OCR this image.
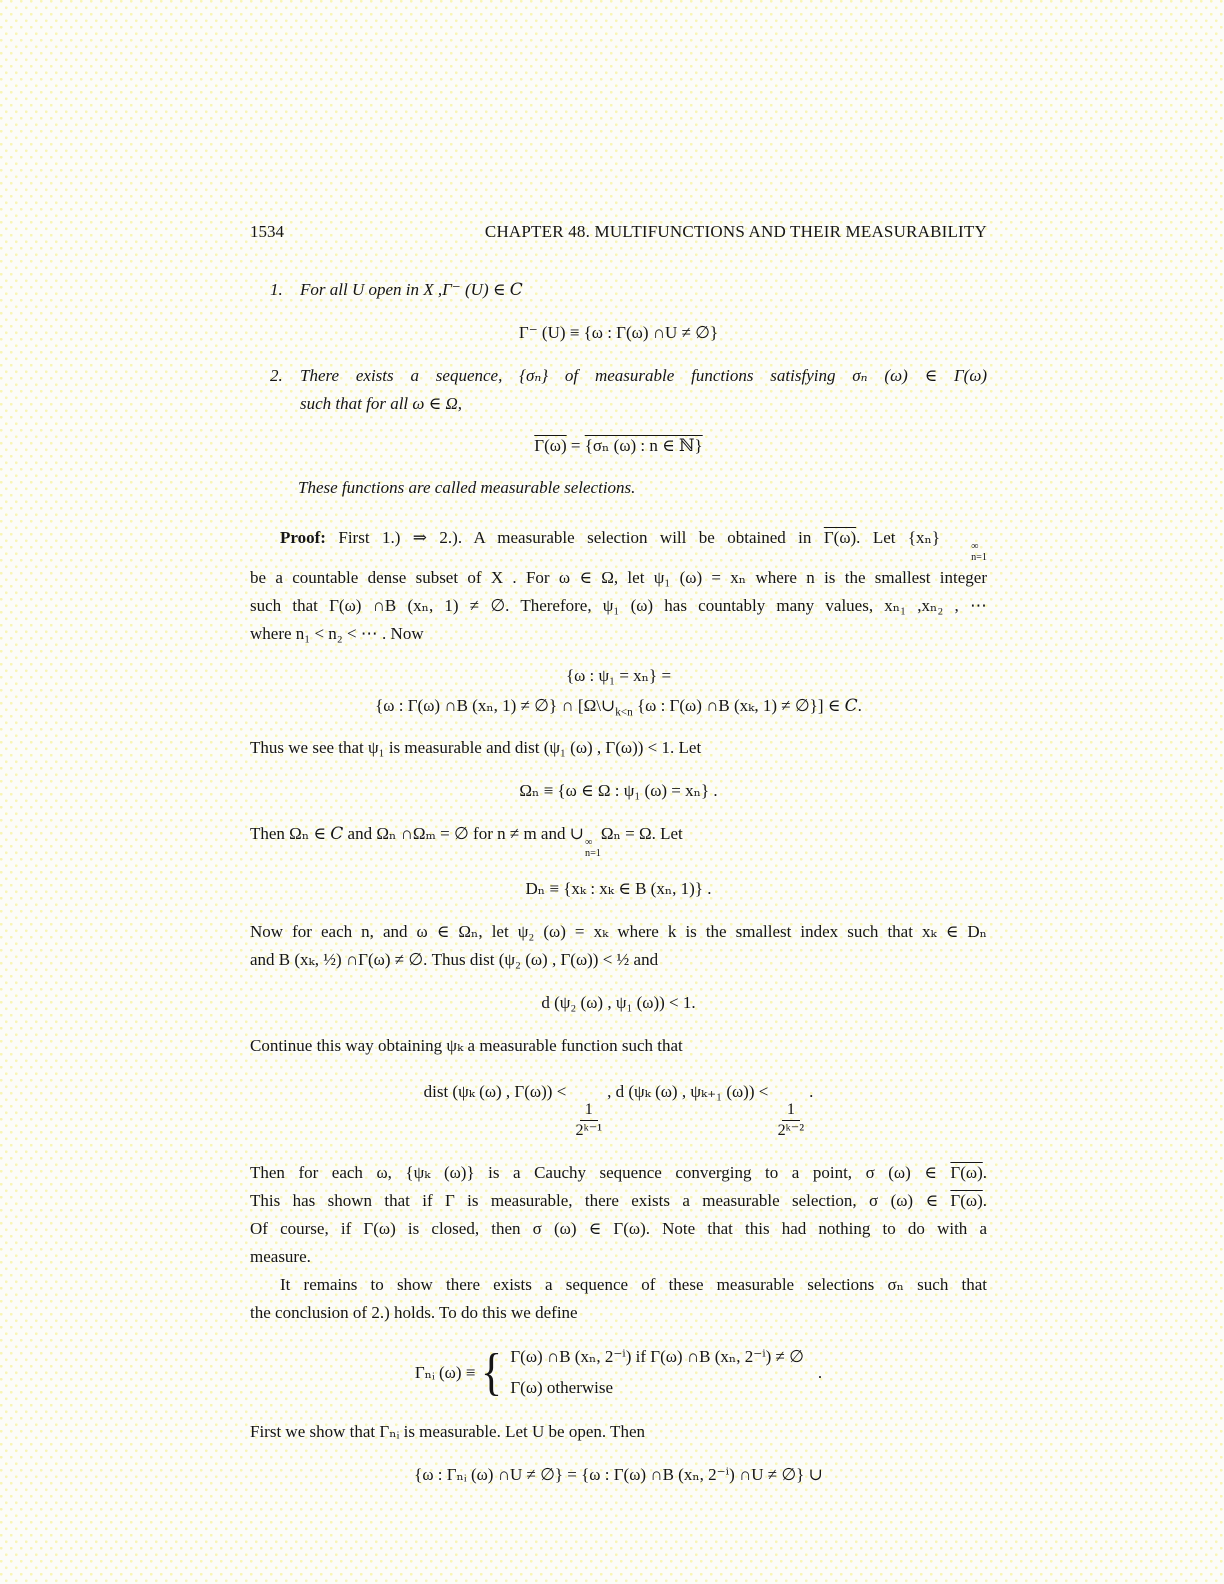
1534	CHAPTER 48. MULTIFUNCTIONS AND THEIR MEASURABILITY
1.	For all U open in X ,Γ⁻ (U) ∈ C
Γ⁻ (U) ≡ {ω : Γ(ω) ∩U ≠ ∅}
2.	There exists a sequence, {σₙ} of measurable functions satisfying σₙ (ω) ∈ Γ(ω)
such that for all ω ∈ Ω,
Γ(ω) = {σₙ (ω) : n ∈ ℕ}
These functions are called measurable selections.
Proof: First 1.) ⇒ 2.). A measurable selection will be obtained in Γ(ω). Let {xₙ}	∞
n=1
be a countable dense subset of X . For ω ∈ Ω, let ψ₁ (ω) = xₙ where n is the smallest integer
such that Γ(ω) ∩B (xₙ, 1) ≠ ∅. Therefore, ψ₁ (ω) has countably many values, xₙ₁ ,xₙ₂ , ⋯
where n₁ < n₂ < ⋯ . Now
{ω : ψ₁ = xₙ} =
{ω : Γ(ω) ∩B (xₙ, 1) ≠ ∅} ∩ [$\Omega\backslash\cup_{k<n}$ {ω : Γ(ω) ∩B (xₖ, 1) ≠ ∅}] ∈ C.
Thus we see that ψ₁ is measurable and dist (ψ₁ (ω) , Γ(ω)) < 1. Let
Ωₙ ≡ {ω ∈ Ω : ψ₁ (ω) = xₙ} .
Then Ωₙ ∈ C and Ωₙ ∩Ωₘ = ∅ for n ≠ m and ∪ ∞
n=1
Ωₙ = Ω. Let
Dₙ ≡ {xₖ : xₖ ∈ B (xₙ, 1)} .
Now for each n, and ω ∈ Ωₙ, let ψ₂ (ω) = xₖ where k is the smallest index such that xₖ ∈ Dₙ
and B (xₖ, ½) ∩Γ(ω) ≠ ∅. Thus dist (ψ₂ (ω) , Γ(ω)) < ½ and
d (ψ₂ (ω) , ψ₁ (ω)) < 1.
Continue this way obtaining ψₖ a measurable function such that
dist (ψₖ (ω) , Γ(ω)) <
$\frac{1}{\text{2ᵏ⁻¹}}$
, d (ψₖ (ω) , ψₖ₊₁ (ω)) <
$\frac{1}{\text{2ᵏ⁻²}}$
.
Then for each ω, {ψₖ (ω)} is a Cauchy sequence converging to a point, σ (ω) ∈ Γ(ω).
This has shown that if Γ is measurable, there exists a measurable selection, σ (ω) ∈ Γ(ω).
Of course, if Γ(ω) is closed, then σ (ω) ∈ Γ(ω). Note that this had nothing to do with a
measure.
It remains to show there exists a sequence of these measurable selections σₙ such that
the conclusion of 2.) holds. To do this we define
Γₙᵢ (ω) ≡ { Γ(ω) ∩B (xₙ, 2⁻ⁱ) if Γ(ω) ∩B (xₙ, 2⁻ⁱ) ≠ ∅
Γ(ω) otherwise
.
First we show that Γₙᵢ is measurable. Let U be open. Then
{ω : Γₙᵢ (ω) ∩U ≠ ∅} = {ω : Γ(ω) ∩B (xₙ, 2⁻ⁱ) ∩U ≠ ∅} ∪
